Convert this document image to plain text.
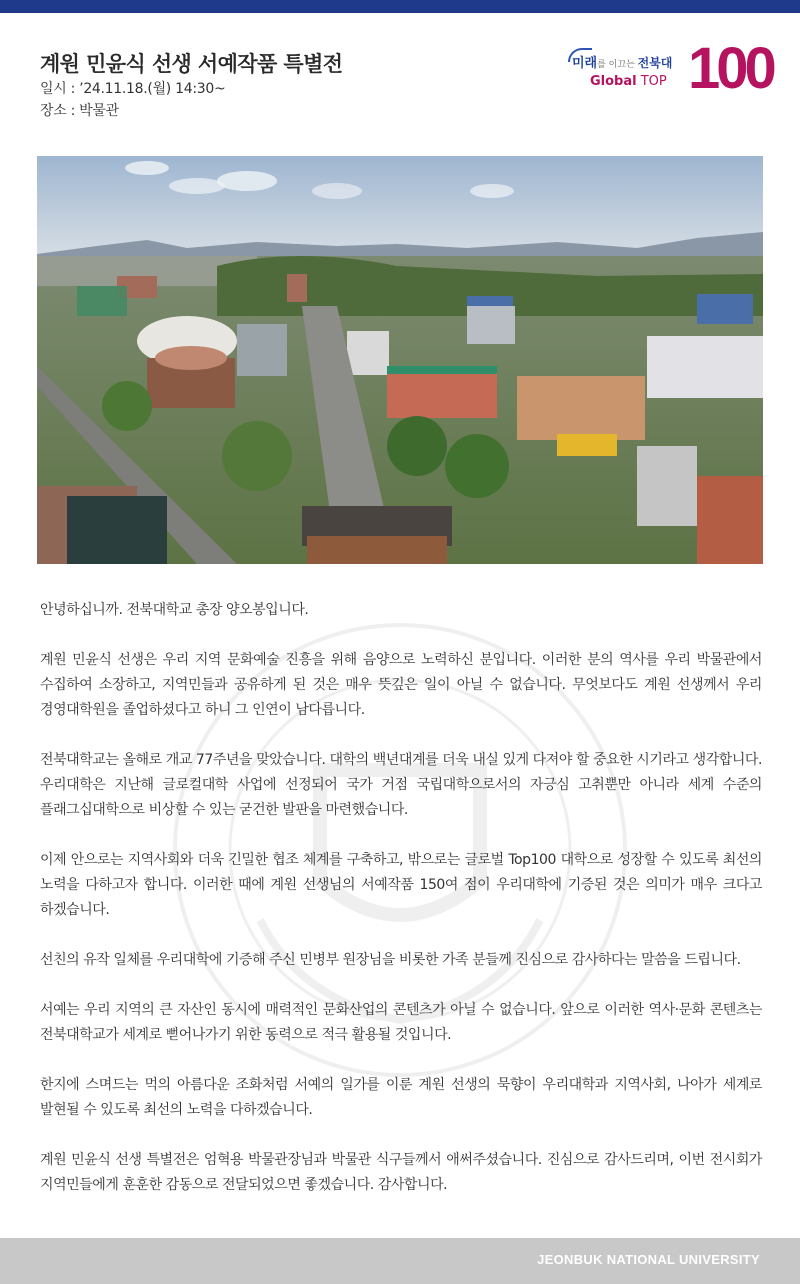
계원 민윤식 선생 서예작품 특별전
일시 : ’24.11.18.(월) 14:30~
장소 : 박물관
미래를 이끄는 전북대
Global TOP 100

안녕하십니까. 전북대학교 총장 양오봉입니다.

계원 민윤식 선생은 우리 지역 문화예술 진흥을 위해 음양으로 노력하신 분입니다. 이러한 분의 역사를 우리 박물관에서 수집하여 소장하고, 지역민들과 공유하게 된 것은 매우 뜻깊은 일이 아닐 수 없습니다. 무엇보다도 계원 선생께서 우리 경영대학원을 졸업하셨다고 하니 그 인연이 남다릅니다.

전북대학교는 올해로 개교 77주년을 맞았습니다. 대학의 백년대계를 더욱 내실 있게 다져야 할 중요한 시기라고 생각합니다. 우리대학은 지난해 글로컬대학 사업에 선정되어 국가 거점 국립대학으로서의 자긍심 고취뿐만 아니라 세계 수준의 플래그십대학으로 비상할 수 있는 굳건한 발판을 마련했습니다.

이제 안으로는 지역사회와 더욱 긴밀한 협조 체계를 구축하고, 밖으로는 글로벌 Top100 대학으로 성장할 수 있도록 최선의 노력을 다하고자 합니다. 이러한 때에 계원 선생님의 서예작품 150여 점이 우리대학에 기증된 것은 의미가 매우 크다고 하겠습니다.

선친의 유작 일체를 우리대학에 기증해 주신 민병부 원장님을 비롯한 가족 분들께 진심으로 감사하다는 말씀을 드립니다.

서예는 우리 지역의 큰 자산인 동시에 매력적인 문화산업의 콘텐츠가 아닐 수 없습니다. 앞으로 이러한 역사·문화 콘텐츠는 전북대학교가 세계로 뻗어나가기 위한 동력으로 적극 활용될 것입니다.

한지에 스며드는 먹의 아름다운 조화처럼 서예의 일가를 이룬 계원 선생의 묵향이 우리대학과 지역사회, 나아가 세계로 발현될 수 있도록 최선의 노력을 다하겠습니다.

계원 민윤식 선생 특별전은 엄혁용 박물관장님과 박물관 식구들께서 애써주셨습니다. 진심으로 감사드리며, 이번 전시회가 지역민들에게 훈훈한 감동으로 전달되었으면 좋겠습니다. 감사합니다.

JEONBUK NATIONAL UNIVERSITY
